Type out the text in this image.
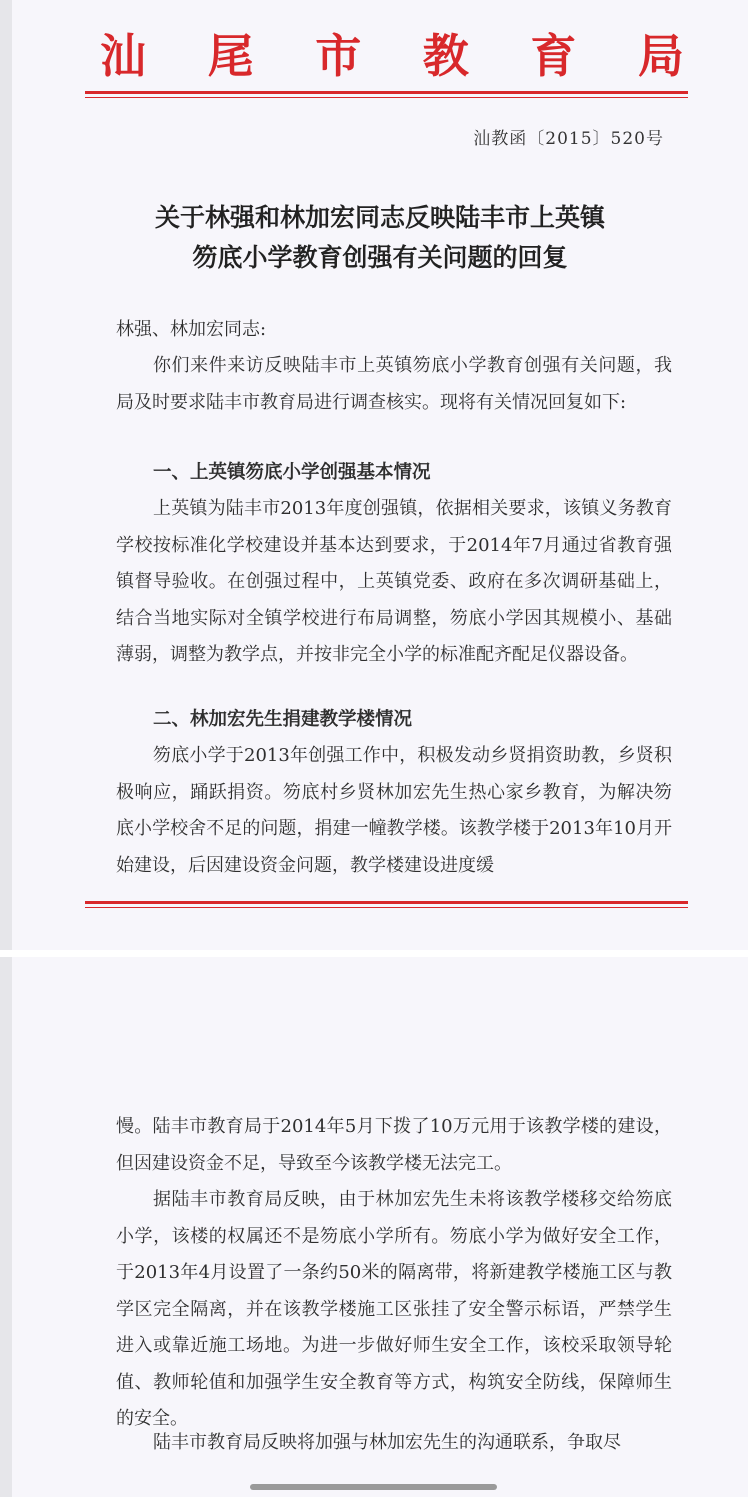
汕 尾 市 教 育 局
汕教函〔2015〕520号
关于林强和林加宏同志反映陆丰市上英镇
笏底小学教育创强有关问题的回复
林强、林加宏同志:
你们来件来访反映陆丰市上英镇笏底小学教育创强有关问题，我局及时要求陆丰市教育局进行调查核实。现将有关情况回复如下:
一、上英镇笏底小学创强基本情况
上英镇为陆丰市2013年度创强镇，依据相关要求，该镇义务教育学校按标准化学校建设并基本达到要求，于2014年7月通过省教育强镇督导验收。在创强过程中，上英镇党委、政府在多次调研基础上，结合当地实际对全镇学校进行布局调整，笏底小学因其规模小、基础薄弱，调整为教学点，并按非完全小学的标准配齐配足仪器设备。
二、林加宏先生捐建教学楼情况
笏底小学于2013年创强工作中，积极发动乡贤捐资助教，乡贤积极响应，踊跃捐资。笏底村乡贤林加宏先生热心家乡教育，为解决笏底小学校舍不足的问题，捐建一幢教学楼。该教学楼于2013年10月开始建设，后因建设资金问题，教学楼建设进度缓
慢。陆丰市教育局于2014年5月下拨了10万元用于该教学楼的建设，但因建设资金不足，导致至今该教学楼无法完工。
据陆丰市教育局反映，由于林加宏先生未将该教学楼移交给笏底小学，该楼的权属还不是笏底小学所有。笏底小学为做好安全工作，于2013年4月设置了一条约50米的隔离带，将新建教学楼施工区与教学区完全隔离，并在该教学楼施工区张挂了安全警示标语，严禁学生进入或靠近施工场地。为进一步做好师生安全工作，该校采取领导轮值、教师轮值和加强学生安全教育等方式，构筑安全防线，保障师生的安全。
陆丰市教育局反映将加强与林加宏先生的沟通联系，争取尽
